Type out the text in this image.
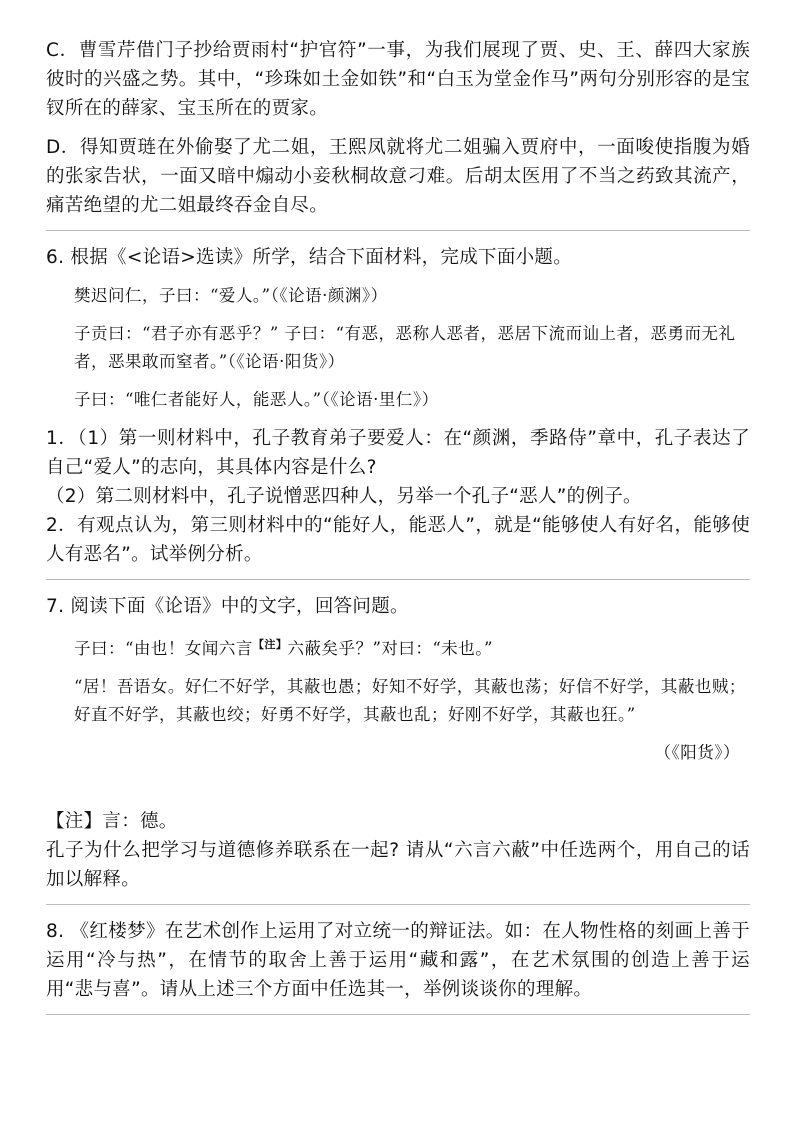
C．曹雪芹借门子抄给贾雨村“护官符”一事，为我们展现了贾、史、王、薛四大家族彼时的兴盛之势。其中，“珍珠如土金如铁”和“白玉为堂金作马”两句分别形容的是宝钗所在的薛家、宝玉所在的贾家。

D．得知贾琏在外偷娶了尤二姐，王熙凤就将尤二姐骗入贾府中，一面唆使指腹为婚的张家告状，一面又暗中煽动小妾秋桐故意刁难。后胡太医用了不当之药致其流产，痛苦绝望的尤二姐最终吞金自尽。

6. 根据《<论语>选读》所学，结合下面材料，完成下面小题。

樊迟问仁，子曰：“爱人。”（《论语·颜渊》）

子贡曰：“君子亦有恶乎？” 子曰：“有恶，恶称人恶者，恶居下流而讪上者，恶勇而无礼者，恶果敢而窒者。”（《论语·阳货》）

子曰：“唯仁者能好人，能恶人。”（《论语·里仁》）

1．（1）第一则材料中，孔子教育弟子要爱人：在“颜渊，季路侍”章中，孔子表达了自己“爱人”的志向，其具体内容是什么?

（2）第二则材料中，孔子说憎恶四种人，另举一个孔子“恶人”的例子。

2．有观点认为，第三则材料中的“能好人，能恶人”，就是“能够使人有好名，能够使人有恶名”。试举例分析。

7. 阅读下面《论语》中的文字，回答问题。

子曰：“由也！女闻六言$^{【注】}$六蔽矣乎？”对曰：“未也。”

“居！吾语女。好仁不好学，其蔽也愚；好知不好学，其蔽也荡；好信不好学，其蔽也贼；好直不好学，其蔽也绞；好勇不好学，其蔽也乱；好刚不好学，其蔽也狂。”

（《阳货》）

【注】言：德。

孔子为什么把学习与道德修养联系在一起? 请从“六言六蔽”中任选两个，用自己的话加以解释。

8. 《红楼梦》在艺术创作上运用了对立统一的辩证法。如：在人物性格的刻画上善于运用“冷与热”，在情节的取舍上善于运用“藏和露”，在艺术氛围的创造上善于运用“悲与喜”。请从上述三个方面中任选其一，举例谈谈你的理解。
